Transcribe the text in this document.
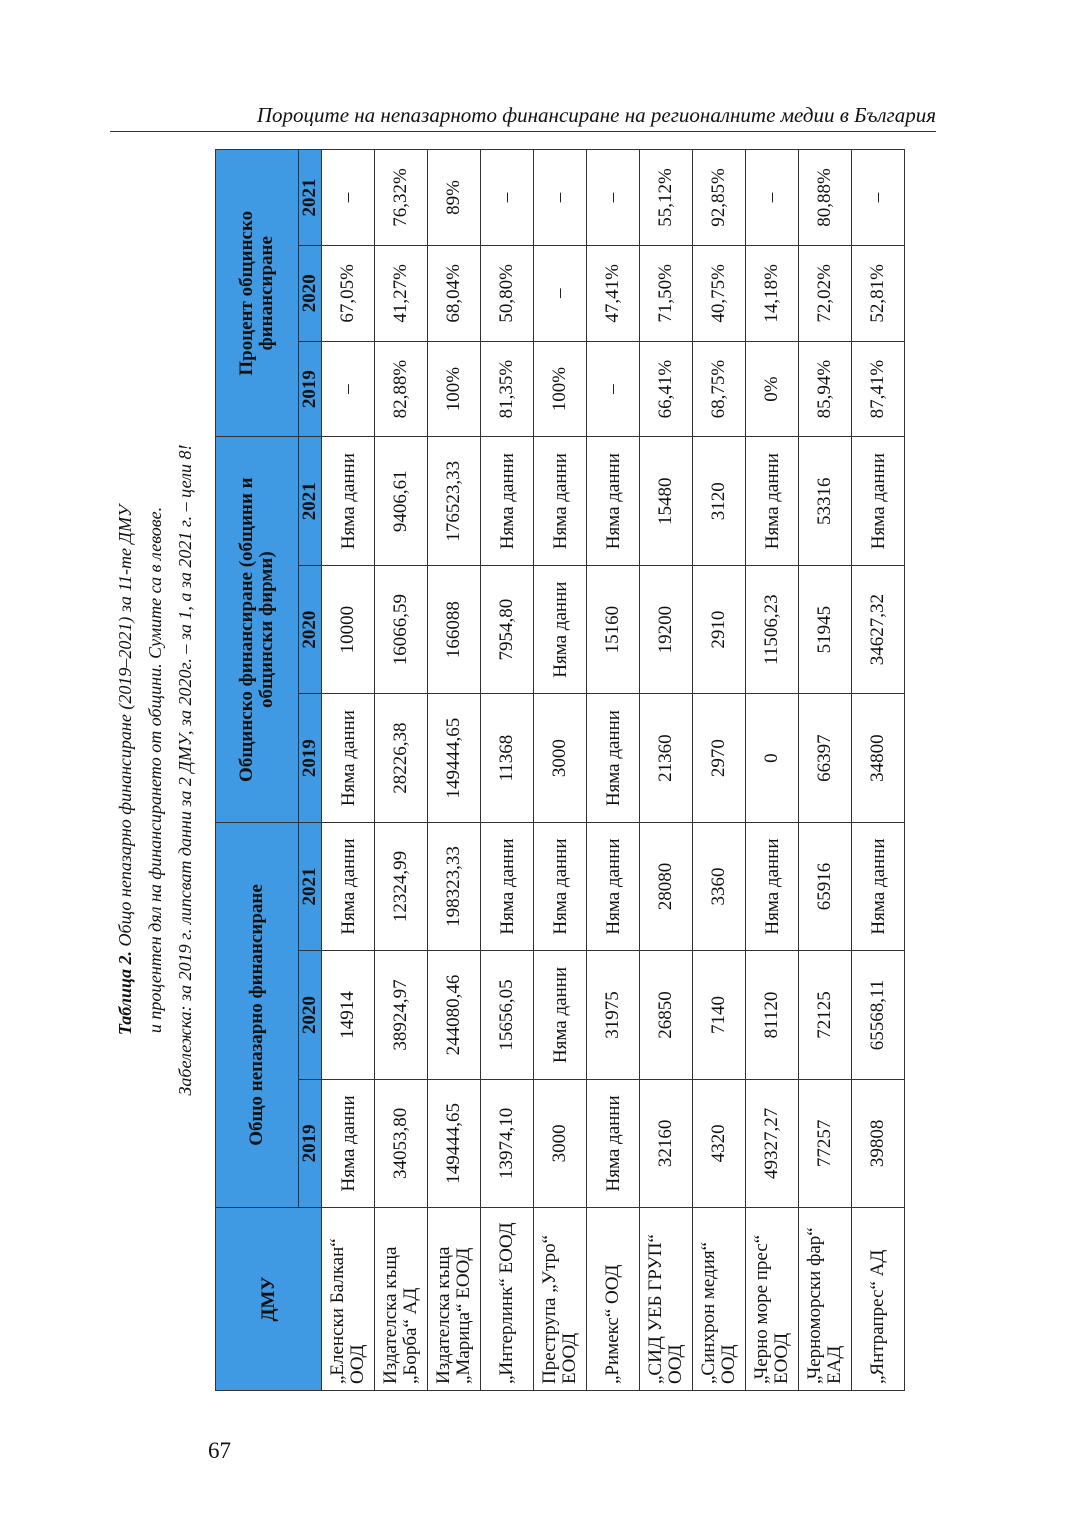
Пороците на непазарното финансиране на регионалните медии в България
Таблица 2. Общо непазарно финансиране (2019–2021) за 11-те ДМУ и процентен дял на финансирането от общини. Сумите са в левове. Забележка: за 2019 г. липсват данни за 2 ДМУ, за 2020г. – за 1, а за 2021 г. – цели 8!
ДМУ	Общо непазарно финансиране			Общинско финансиране (общини и общински фирми)			Процент общинско финансиране		
	2019	2020	2021	2019	2020	2021	2019	2020	2021
„Еленски Балкан“ ООД	Няма данни	14914	Няма данни	Няма данни	10000	Няма данни	–	67,05%	–
Издателска къща „Борба“ АД	34053,80	38924,97	12324,99	28226,38	16066,59	9406,61	82,88%	41,27%	76,32%
Издателска къща „Марица“ ЕООД	149444,65	244080,46	198323,33	149444,65	166088	176523,33	100%	68,04%	89%
„Интерлинк“ ЕООД	13974,10	15656,05	Няма данни	11368	7954,80	Няма данни	81,35%	50,80%	–
Преструпа „Утро“ ЕООД	3000	Няма данни	Няма данни	3000	Няма данни	Няма данни	100%	–	–
„Римекс“ ООД	Няма данни	31975	Няма данни	Няма данни	15160	Няма данни	–	47,41%	–
„СИД УЕБ ГРУП“ ООД	32160	26850	28080	21360	19200	15480	66,41%	71,50%	55,12%
„Синхрон медия“ ООД	4320	7140	3360	2970	2910	3120	68,75%	40,75%	92,85%
„Черно море прес“ ЕООД	49327,27	81120	Няма данни	0	11506,23	Няма данни	0%	14,18%	–
„Черноморски фар“ ЕАД	77257	72125	65916	66397	51945	53316	85,94%	72,02%	80,88%
„Янтрапрес“ АД	39808	65568,11	Няма данни	34800	34627,32	Няма данни	87,41%	52,81%	–
67
